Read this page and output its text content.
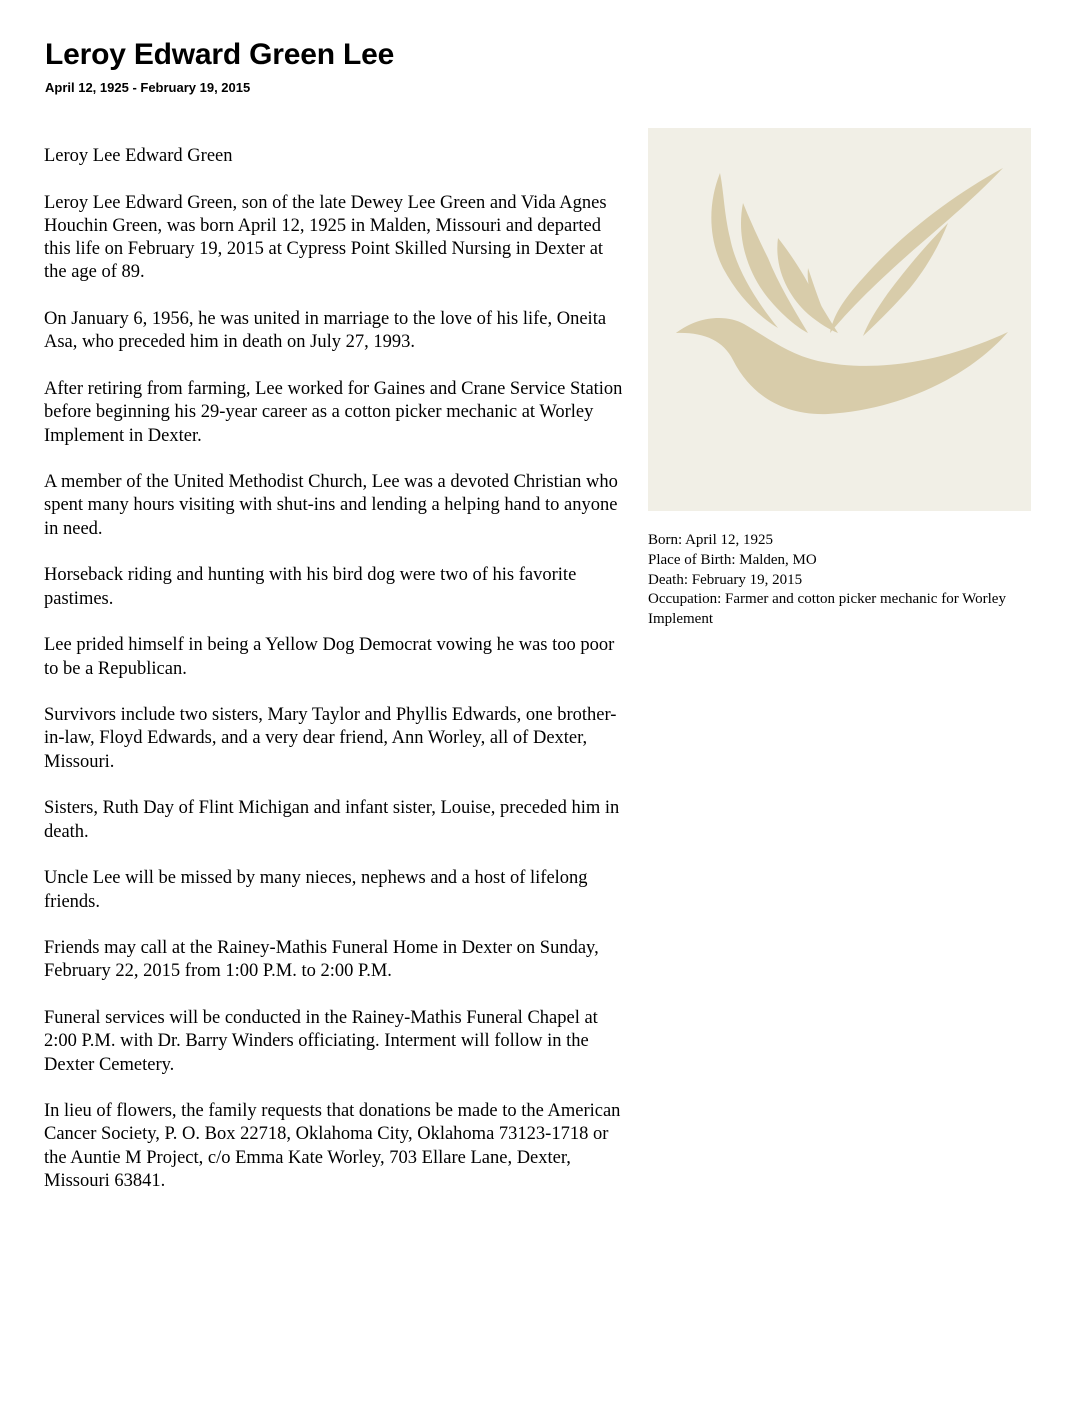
Leroy Edward Green Lee
April 12, 1925 - February 19, 2015

Leroy Lee Edward Green

Leroy Lee Edward Green, son of the late Dewey Lee Green and Vida Agnes Houchin Green, was born April 12, 1925 in Malden, Missouri and departed this life on February 19, 2015 at Cypress Point Skilled Nursing in Dexter at the age of 89.

On January 6, 1956, he was united in marriage to the love of his life, Oneita Asa, who preceded him in death on July 27, 1993.

After retiring from farming, Lee worked for Gaines and Crane Service Station before beginning his 29-year career as a cotton picker mechanic at Worley Implement in Dexter.

A member of the United Methodist Church, Lee was a devoted Christian who spent many hours visiting with shut-ins and lending a helping hand to anyone in need.

Horseback riding and hunting with his bird dog were two of his favorite pastimes.

Lee prided himself in being a Yellow Dog Democrat vowing he was too poor to be a Republican.

Survivors include two sisters, Mary Taylor and Phyllis Edwards, one brother-in-law, Floyd Edwards, and a very dear friend, Ann Worley, all of Dexter, Missouri.

Sisters, Ruth Day of Flint Michigan and infant sister, Louise, preceded him in death.

Uncle Lee will be missed by many nieces, nephews and a host of lifelong friends.

Friends may call at the Rainey-Mathis Funeral Home in Dexter on Sunday, February 22, 2015 from 1:00 P.M. to 2:00 P.M.

Funeral services will be conducted in the Rainey-Mathis Funeral Chapel at 2:00 P.M. with Dr. Barry Winders officiating. Interment will follow in the Dexter Cemetery.

In lieu of flowers, the family requests that donations be made to the American Cancer Society, P. O. Box 22718, Oklahoma City, Oklahoma 73123-1718 or the Auntie M Project, c/o Emma Kate Worley, 703 Ellare Lane, Dexter, Missouri 63841.

Born: April 12, 1925
Place of Birth: Malden, MO
Death: February 19, 2015
Occupation: Farmer and cotton picker mechanic for Worley Implement
